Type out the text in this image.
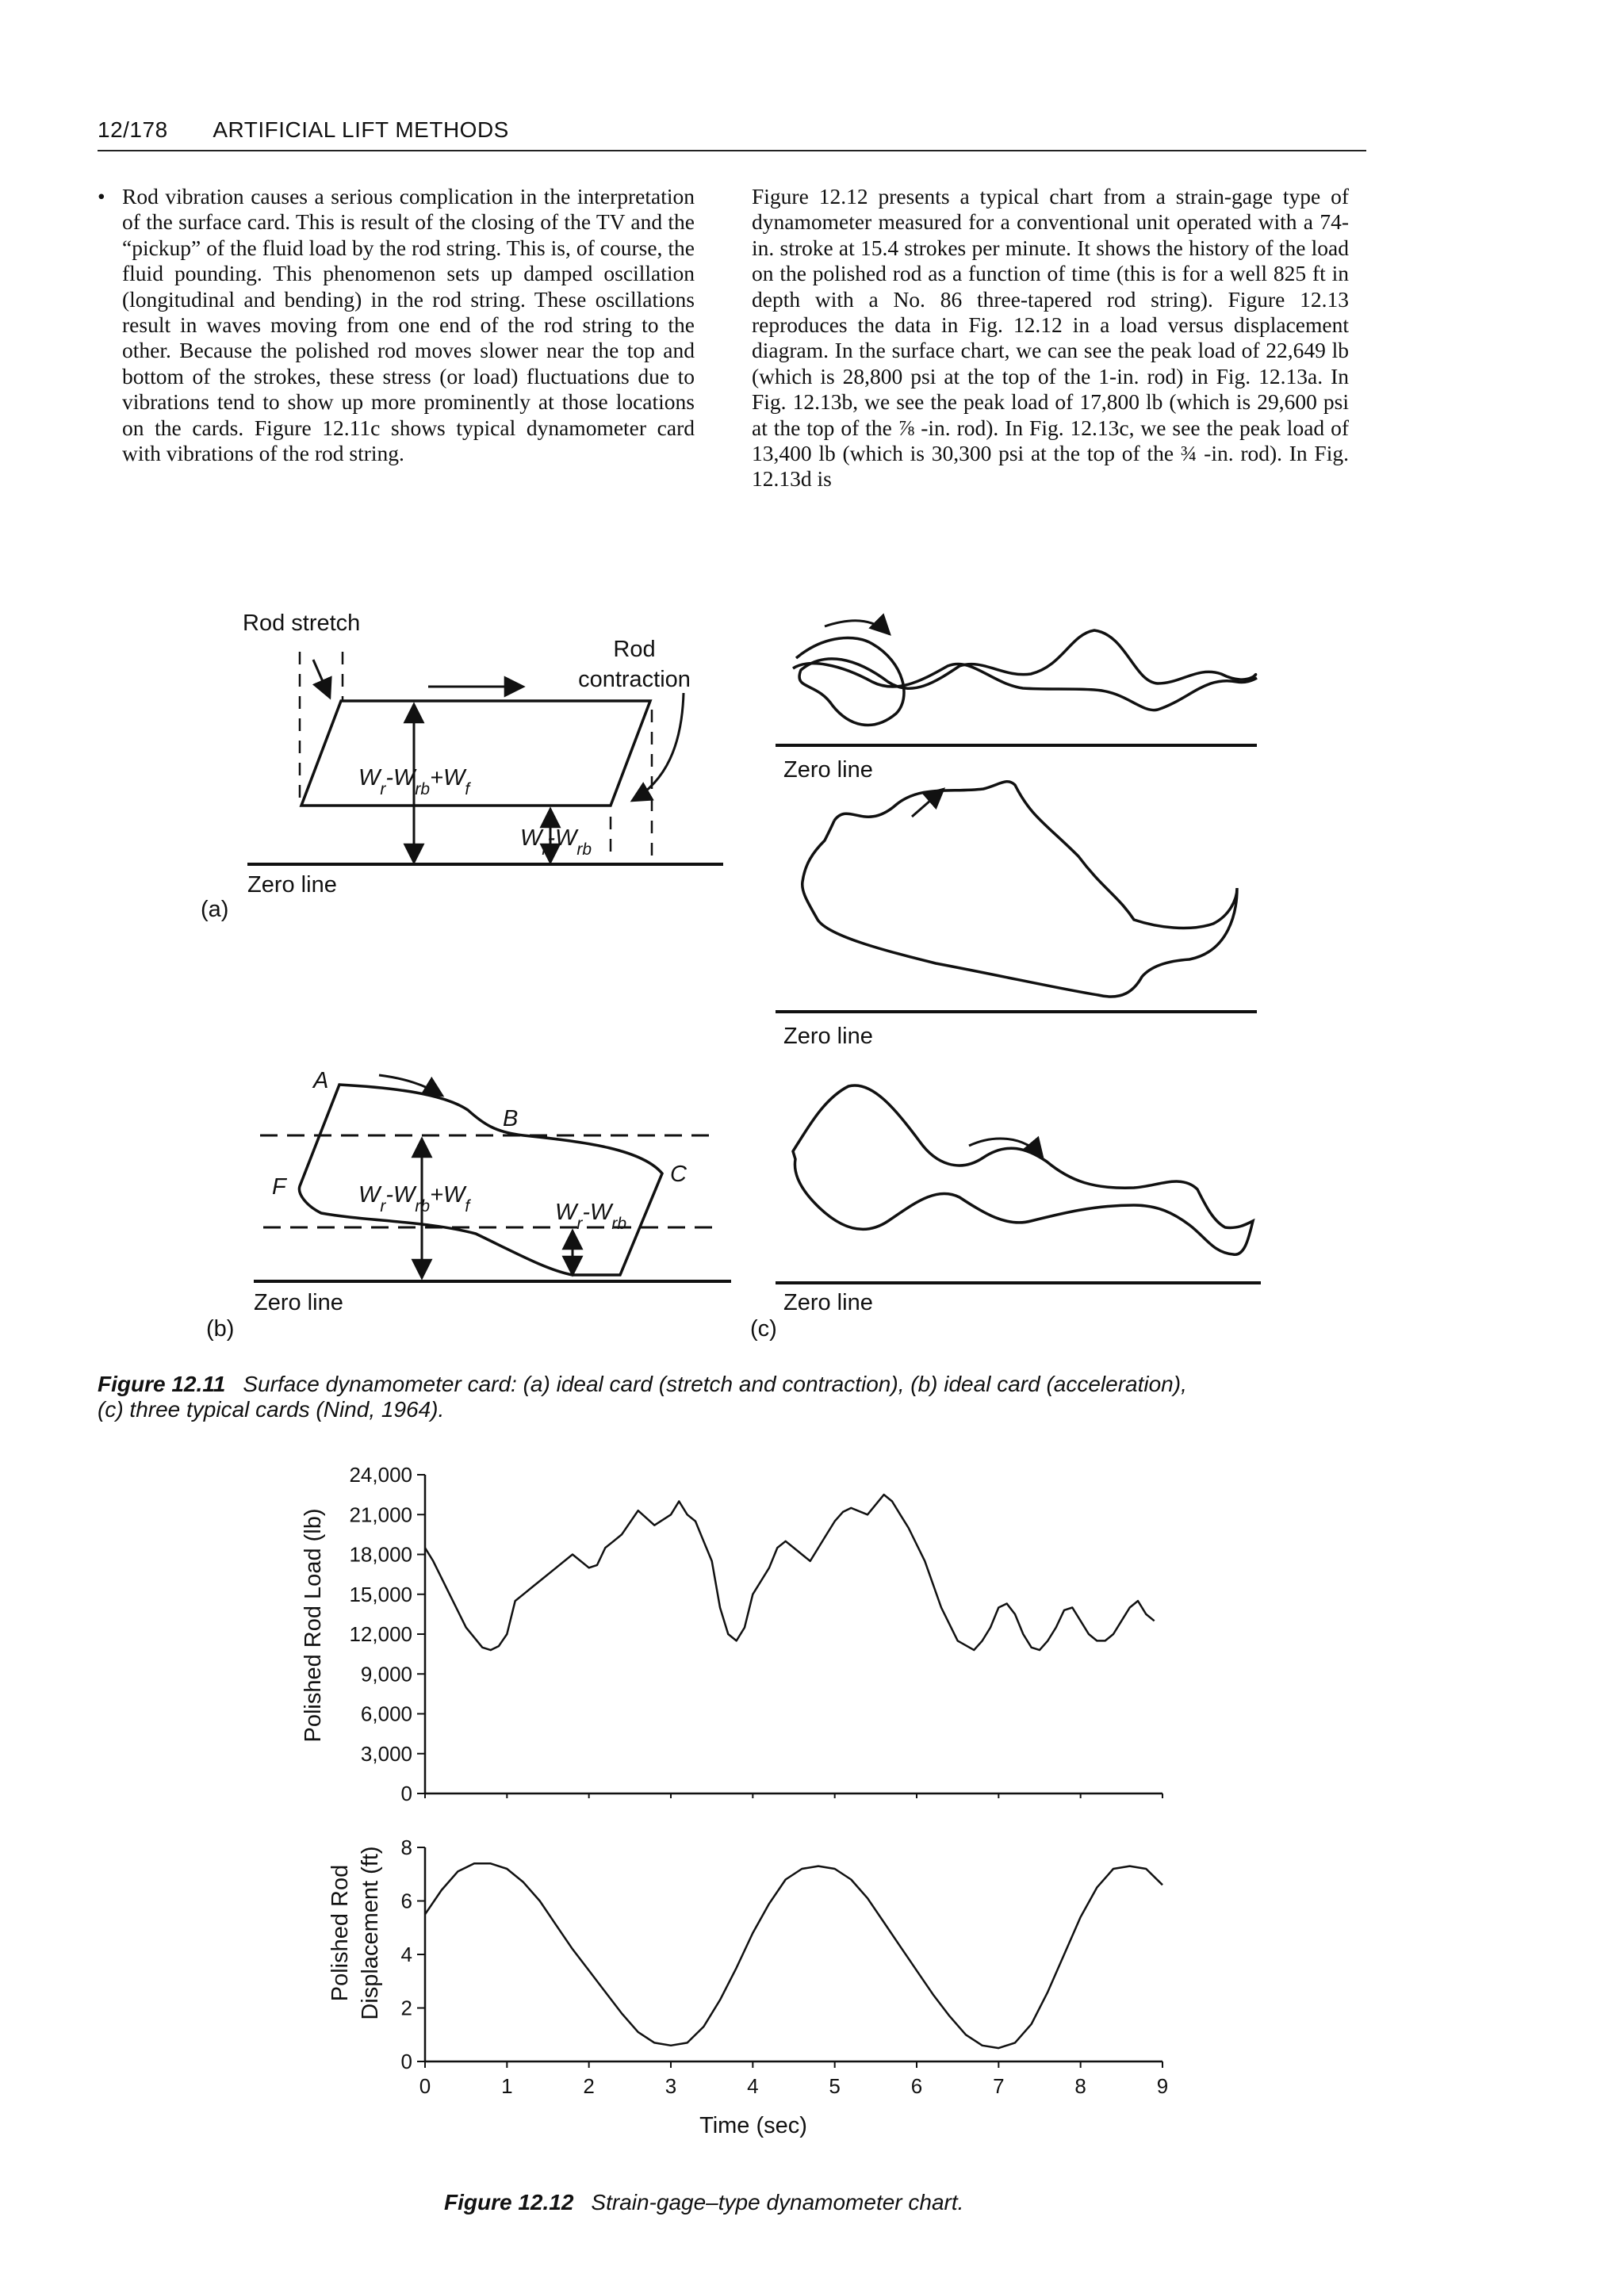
12/178 ARTIFICIAL LIFT METHODS
• Rod vibration causes a serious complication in the interpretation of the surface card. This is result of the closing of the TV and the “pickup” of the fluid load by the rod string. This is, of course, the fluid pounding. This phenomenon sets up damped oscillation (longitudinal and bending) in the rod string. These oscillations result in waves moving from one end of the rod string to the other. Because the polished rod moves slower near the top and bottom of the strokes, these stress (or load) fluctuations due to vibrations tend to show up more prominently at those locations on the cards. Figure 12.11c shows typical dynamometer card with vibrations of the rod string.
Figure 12.12 presents a typical chart from a strain-gage type of dynamometer measured for a conventional unit operated with a 74-in. stroke at 15.4 strokes per minute. It shows the history of the load on the polished rod as a function of time (this is for a well 825 ft in depth with a No. 86 three-tapered rod string). Figure 12.13 reproduces the data in Fig. 12.12 in a load versus displacement diagram. In the surface chart, we can see the peak load of 22,649 lb (which is 28,800 psi at the top of the 1-in. rod) in Fig. 12.13a. In Fig. 12.13b, we see the peak load of 17,800 lb (which is 29,600 psi at the top of the ⅞ -in. rod). In Fig. 12.13c, we see the peak load of 13,400 lb (which is 30,300 psi at the top of the ¾ -in. rod). In Fig. 12.13d is
Rod stretch
Rod
contraction
$W_r-W_{rb}+W_f$
$W_r-W_{rb}$
Zero line
(a)
A
B
C
F	$W_r-W_{rb}+W_f$	$W_r-W_{rb}$
Zero line
(b)
Zero line
Zero line
Zero line
(c)
Figure 12.11 Surface dynamometer card: (a) ideal card (stretch and contraction), (b) ideal card (acceleration),
(c) three typical cards (Nind, 1964).
0
3,000
6,000
9,000
12,000
15,000
18,000
21,000
24,000
0
2
4
6
8
0	1	2	3	4	5	6	7	8	9
Polished Rod Load (lb)
Polished Rod Displacement (ft)
Time (sec)
Figure 12.12 Strain-gage–type dynamometer chart.
